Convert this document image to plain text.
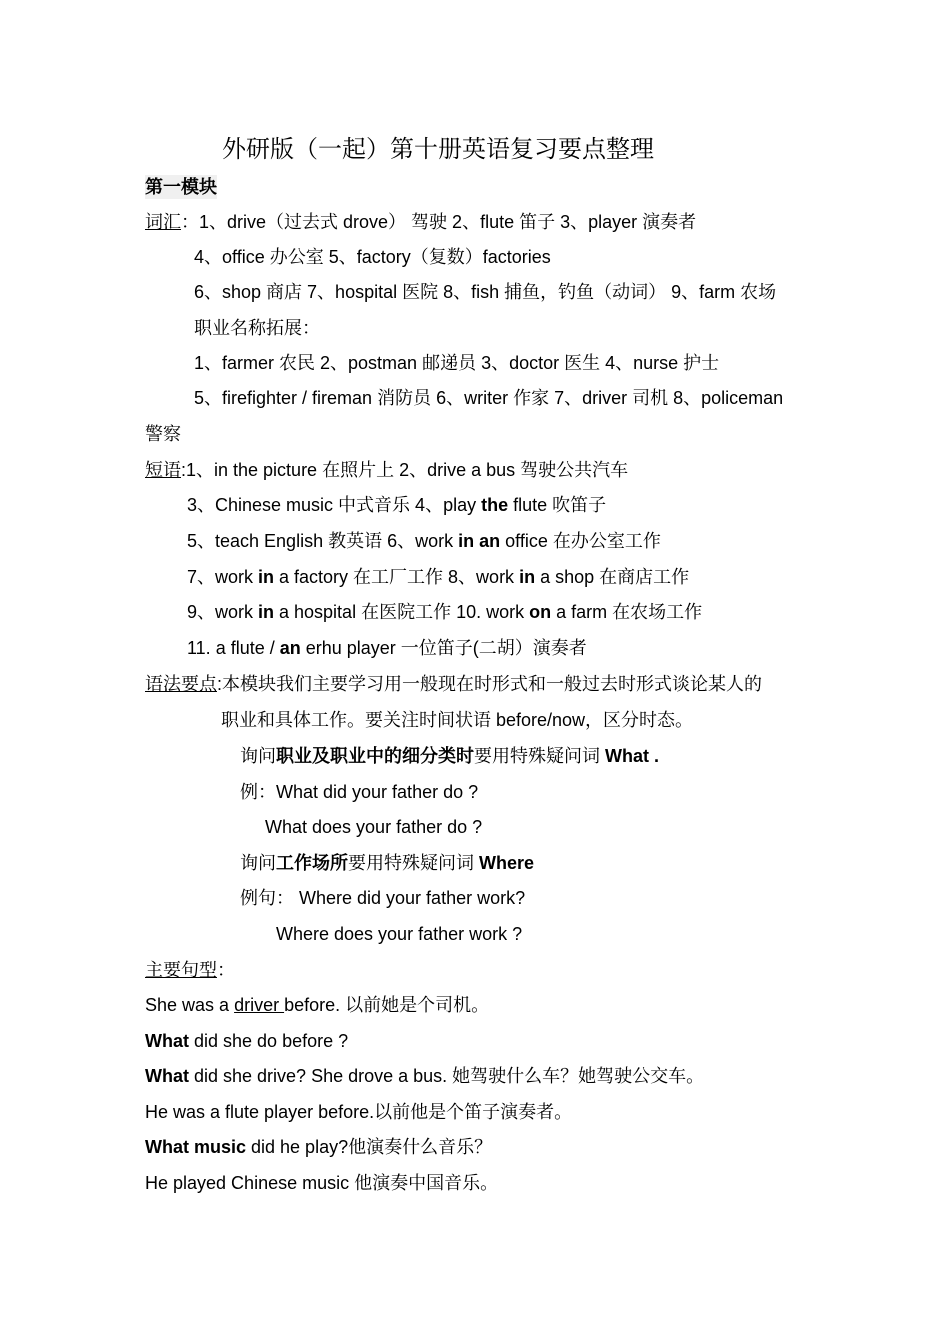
外研版（一起）第十册英语复习要点整理
第一模块
词汇：1、drive（过去式 drove） 驾驶 2、flute 笛子 3、player 演奏者
4、office 办公室 5、factory（复数）factories
6、shop 商店 7、hospital 医院 8、fish 捕鱼，钓鱼（动词） 9、farm 农场
职业名称拓展：
1、farmer 农民 2、postman 邮递员 3、doctor 医生 4、nurse 护士
5、firefighter / fireman 消防员 6、writer 作家 7、driver 司机 8、policeman
警察
短语:1、in the picture 在照片上 2、drive a bus 驾驶公共汽车
3、Chinese music 中式音乐 4、play the flute 吹笛子
5、teach English 教英语 6、work in an office 在办公室工作
7、work in a factory 在工厂工作 8、work in a shop 在商店工作
9、work in a hospital 在医院工作 10. work on a farm 在农场工作
11. a flute / an erhu player 一位笛子(二胡）演奏者
语法要点:本模块我们主要学习用一般现在时形式和一般过去时形式谈论某人的
职业和具体工作。要关注时间状语 before/now，区分时态。
询问职业及职业中的细分类时要用特殊疑问词 What .
例：What did your father do ?
What does your father do ?
询问工作场所要用特殊疑问词 Where
例句： Where did your father work?
Where does your father work ?
主要句型：
She was a driver before. 以前她是个司机。
What did she do before ?
What did she drive? She drove a bus. 她驾驶什么车？她驾驶公交车。
He was a flute player before.以前他是个笛子演奏者。
What music did he play?他演奏什么音乐？
He played Chinese music 他演奏中国音乐。
